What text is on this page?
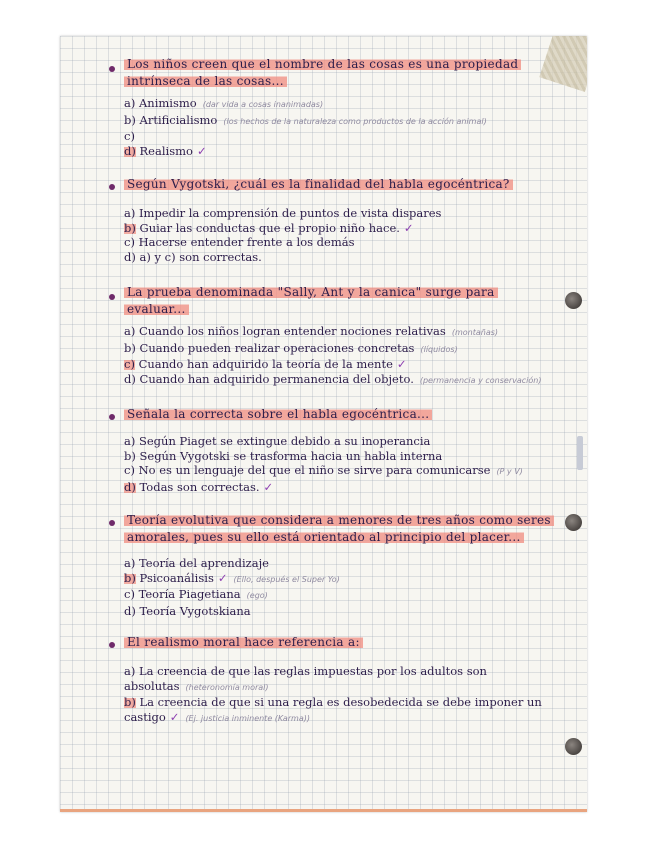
Los niños creen que el nombre de las cosas es una propiedad intrínseca de las cosas...
a) Animismo (dar vida a cosas inanimadas)
b) Artificialismo (los hechos de la naturaleza como productos de la acción animal)
c)
d) Realismo ✓
Según Vygotski, ¿cuál es la finalidad del habla egocéntrica?
a) Impedir la comprensión de puntos de vista dispares
b) Guiar las conductas que el propio niño hace. ✓
c) Hacerse entender frente a los demás
d) a) y c) son correctas.
La prueba denominada "Sally, Ant y la canica" surge para evaluar...
a) Cuando los niños logran entender nociones relativas (montañas)
b) Cuando pueden realizar operaciones concretas (líquidos)
c) Cuando han adquirido la teoría de la mente ✓
d) Cuando han adquirido permanencia del objeto. (permanencia y conservación)
Señala la correcta sobre el habla egocéntrica...
a) Según Piaget se extingue debido a su inoperancia
b) Según Vygotski se trasforma hacia un habla interna
c) No es un lenguaje del que el niño se sirve para comunicarse (P y V)
d) Todas son correctas. ✓
Teoría evolutiva que considera a menores de tres años como seres amorales, pues su ello está orientado al principio del placer...
a) Teoría del aprendizaje
b) Psicoanálisis ✓ (Ello, después el Super Yo)
c) Teoría Piagetiana (ego)
d) Teoría Vygotskiana
El realismo moral hace referencia a:
a) La creencia de que las reglas impuestas por los adultos son absolutas (heteronomía moral)
b) La creencia de que si una regla es desobedecida se debe imponer un castigo ✓ (Ej. justicia inminente (Karma))
